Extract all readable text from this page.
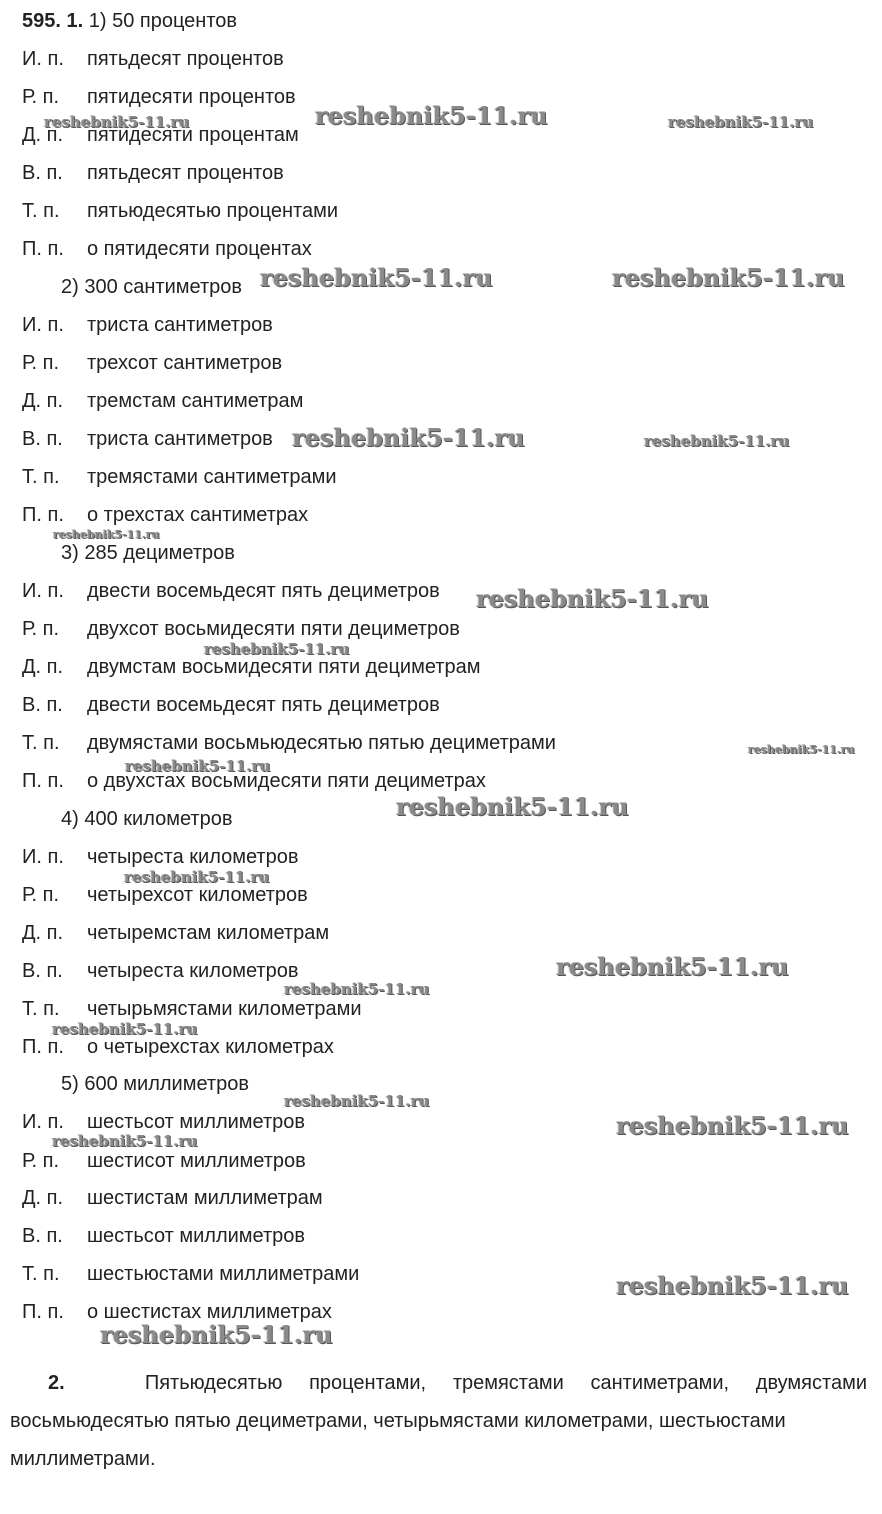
595. 1. 1) 50 процентов
И. п. пятьдесят процентов
Р. п. пятидесяти процентов
Д. п. пятидесяти процентам
В. п. пятьдесят процентов
Т. п. пятьюдесятью процентами
П. п. о пятидесяти процентах
2) 300 сантиметров
И. п. триста сантиметров
Р. п. трехсот сантиметров
Д. п. тремстам сантиметрам
В. п. триста сантиметров
Т. п. тремястами сантиметрами
П. п. о трехстах сантиметрах
3) 285 дециметров
И. п. двести восемьдесят пять дециметров
Р. п. двухсот восьмидесяти пяти дециметров
Д. п. двумстам восьмидесяти пяти дециметрам
В. п. двести восемьдесят пять дециметров
Т. п. двумястами восьмьюдесятью пятью дециметрами
П. п. о двухстах восьмидесяти пяти дециметрах
4) 400 километров
И. п. четыреста километров
Р. п. четырехсот километров
Д. п. четыремстам километрам
В. п. четыреста километров
Т. п. четырьмястами километрами
П. п. о четырехстах километрах
5) 600 миллиметров
И. п. шестьсот миллиметров
Р. п. шестисот миллиметров
Д. п. шестистам миллиметрам
В. п. шестьсот миллиметров
Т. п. шестьюстами миллиметрами
П. п. о шестистах миллиметрах
2.	Пятьюдесятью процентами, тремястами сантиметрами, двумястами
восьмьюдесятью пятью дециметрами, четырьмястами километрами, шестьюстами миллиметрами.
reshebnik5-11.ru
reshebnik5-11.ru	reshebnik5-11.ru
reshebnik5-11.ru	reshebnik5-11.ru
reshebnik5-11.ru	reshebnik5-11.ru
reshebnik5-11.ru
reshebnik5-11.ru
reshebnik5-11.ru
reshebnik5-11.ru
reshebnik5-11.ru
reshebnik5-11.ru
reshebnik5-11.ru
reshebnik5-11.ru
reshebnik5-11.ru
reshebnik5-11.ru
reshebnik5-11.ru
reshebnik5-11.ru
reshebnik5-11.ru
reshebnik5-11.ru
reshebnik5-11.ru
